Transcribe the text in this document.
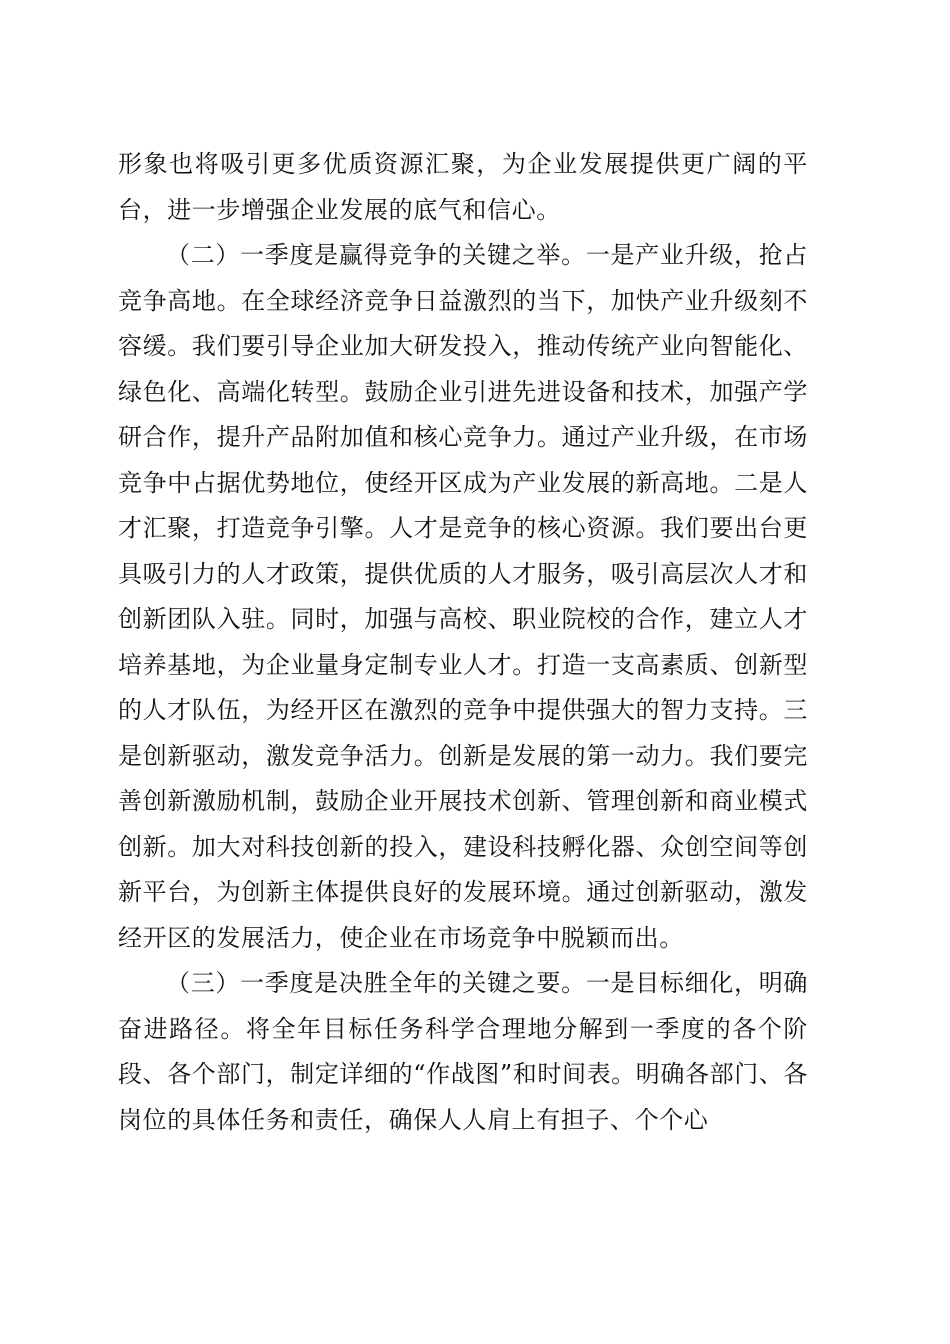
形象也将吸引更多优质资源汇聚，为企业发展提供更广阔的平台，进一步增强企业发展的底气和信心。

（二）一季度是赢得竞争的关键之举。一是产业升级，抢占竞争高地。在全球经济竞争日益激烈的当下，加快产业升级刻不容缓。我们要引导企业加大研发投入，推动传统产业向智能化、绿色化、高端化转型。鼓励企业引进先进设备和技术，加强产学研合作，提升产品附加值和核心竞争力。通过产业升级，在市场竞争中占据优势地位，使经开区成为产业发展的新高地。二是人才汇聚，打造竞争引擎。人才是竞争的核心资源。我们要出台更具吸引力的人才政策，提供优质的人才服务，吸引高层次人才和创新团队入驻。同时，加强与高校、职业院校的合作，建立人才培养基地，为企业量身定制专业人才。打造一支高素质、创新型的人才队伍，为经开区在激烈的竞争中提供强大的智力支持。三是创新驱动，激发竞争活力。创新是发展的第一动力。我们要完善创新激励机制，鼓励企业开展技术创新、管理创新和商业模式创新。加大对科技创新的投入，建设科技孵化器、众创空间等创新平台，为创新主体提供良好的发展环境。通过创新驱动，激发经开区的发展活力，使企业在市场竞争中脱颖而出。

（三）一季度是决胜全年的关键之要。一是目标细化，明确奋进路径。将全年目标任务科学合理地分解到一季度的各个阶段、各个部门，制定详细的“作战图”和时间表。明确各部门、各岗位的具体任务和责任，确保人人肩上有担子、个个心
